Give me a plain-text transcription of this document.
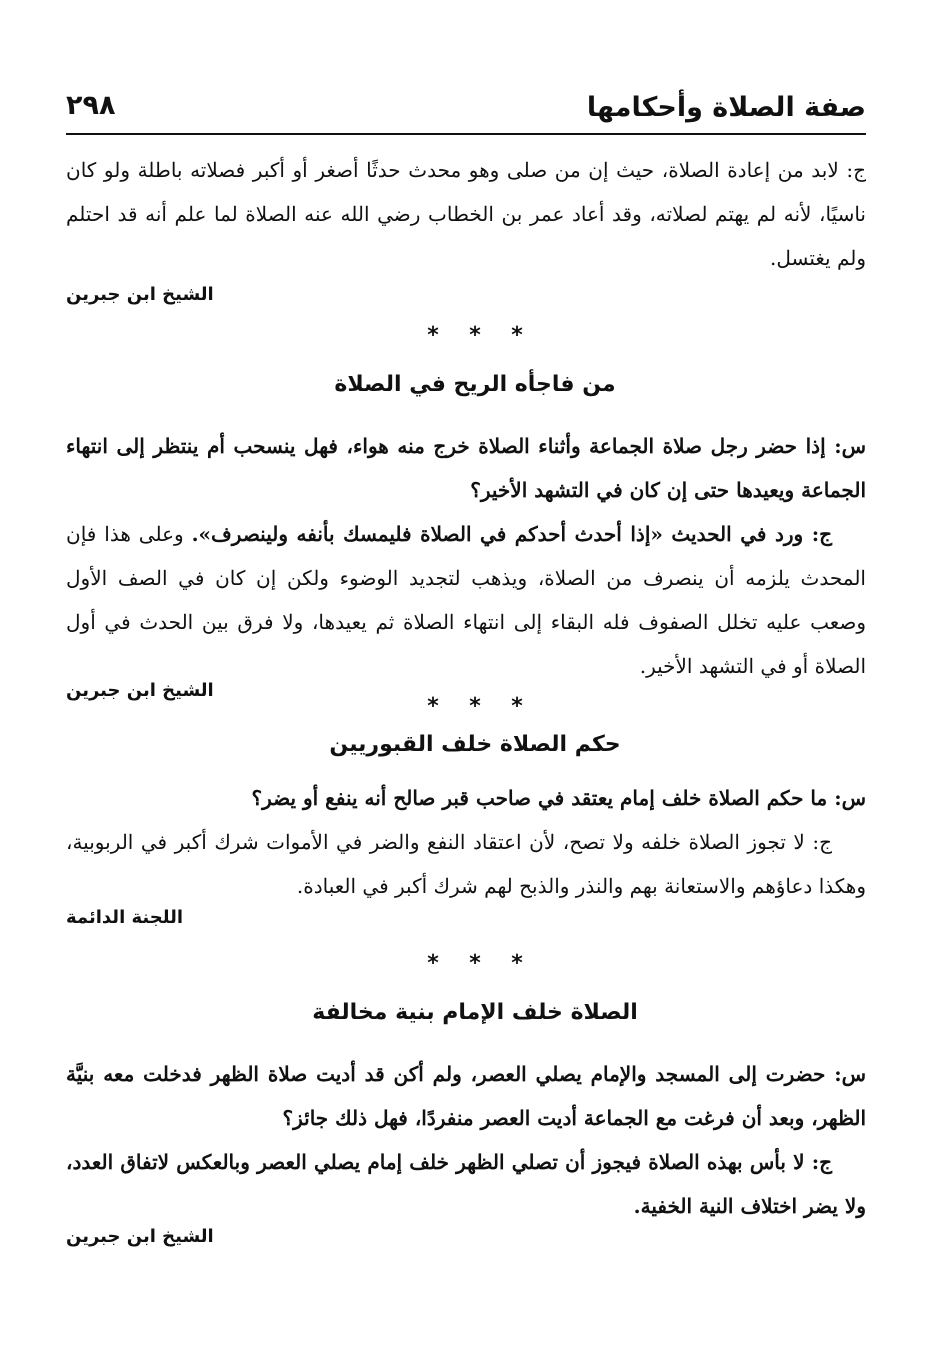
صفة الصلاة وأحكامها
٢٩٨

ج: لابد من إعادة الصلاة، حيث إن من صلى وهو محدث حدثًا أصغر أو أكبر فصلاته باطلة ولو كان ناسيًا، لأنه لم يهتم لصلاته، وقد أعاد عمر بن الخطاب رضي الله عنه الصلاة لما علم أنه قد احتلم ولم يغتسل.

الشيخ ابن جبرين
* * *
من فاجأه الريح في الصلاة

س: إذا حضر رجل صلاة الجماعة وأثناء الصلاة خرج منه هواء، فهل ينسحب أم ينتظر إلى انتهاء الجماعة ويعيدها حتى إن كان في التشهد الأخير؟

ج: ورد في الحديث «إذا أحدث أحدكم في الصلاة فليمسك بأنفه ولينصرف». وعلى هذا فإن المحدث يلزمه أن ينصرف من الصلاة، ويذهب لتجديد الوضوء ولكن إن كان في الصف الأول وصعب عليه تخلل الصفوف فله البقاء إلى انتهاء الصلاة ثم يعيدها، ولا فرق بين الحدث في أول الصلاة أو في التشهد الأخير.

الشيخ ابن جبرين
* * *
حكم الصلاة خلف القبوريين

س: ما حكم الصلاة خلف إمام يعتقد في صاحب قبر صالح أنه ينفع أو يضر؟

ج: لا تجوز الصلاة خلفه ولا تصح، لأن اعتقاد النفع والضر في الأموات شرك أكبر في الربوبية، وهكذا دعاؤهم والاستعانة بهم والنذر والذبح لهم شرك أكبر في العبادة.

اللجنة الدائمة
* * *
الصلاة خلف الإمام بنية مخالفة

س: حضرت إلى المسجد والإمام يصلي العصر، ولم أكن قد أديت صلاة الظهر فدخلت معه بنيَّة الظهر، وبعد أن فرغت مع الجماعة أديت العصر منفردًا، فهل ذلك جائز؟

ج: لا بأس بهذه الصلاة فيجوز أن تصلي الظهر خلف إمام يصلي العصر وبالعكس لاتفاق العدد، ولا يضر اختلاف النية الخفية.

الشيخ ابن جبرين
